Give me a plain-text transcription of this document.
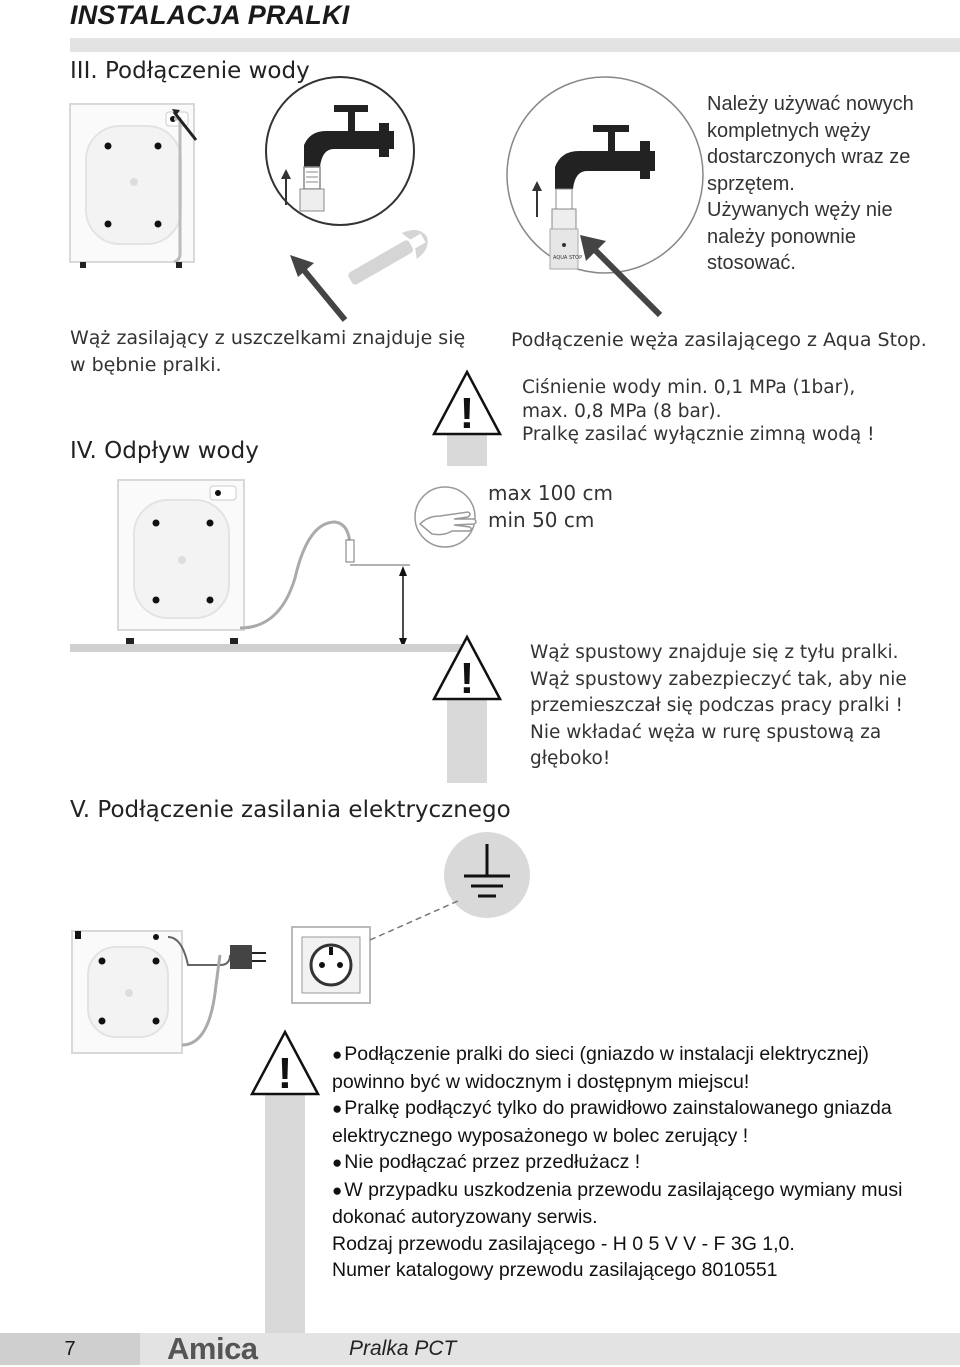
INSTALACJA PRALKI
III. Podłączenie wody
AQUA STOP
Należy używać nowych
kompletnych węży
dostarczonych wraz ze
sprzętem.
Używanych węży nie
należy ponownie
stosować.
Wąż zasilający z uszczelkami znajduje się
w bębnie pralki.
Podłączenie węża zasilającego z Aqua Stop.
IV. Odpływ wody
!
Ciśnienie wody min. 0,1 MPa (1bar),
max. 0,8 MPa (8 bar).
Pralkę zasilać wyłącznie zimną wodą !
max 100 cm
min 50 cm
!
Wąż spustowy znajduje się z tyłu pralki.
Wąż spustowy zabezpieczyć tak, aby nie
przemieszczał się podczas pracy pralki !
Nie wkładać węża w rurę spustową za
głęboko!
V. Podłączenie zasilania elektrycznego
!
●	Podłączenie pralki do sieci (gniazdo w instalacji elektrycznej) powinno być w widocznym i dostępnym miejscu!
● Pralkę podłączyć tylko do prawidłowo zainstalowanego gniazda elektrycznego wyposażonego w bolec zerujący !
● Nie podłączać przez przedłużacz !
● W przypadku uszkodzenia przewodu zasilającego wymiany musi dokonać autoryzowany serwis.
Rodzaj przewodu zasilającego - H 0 5 V V - F 3G 1,0.
Numer katalogowy przewodu zasilającego 8010551
7	Amica	Pralka PCT
